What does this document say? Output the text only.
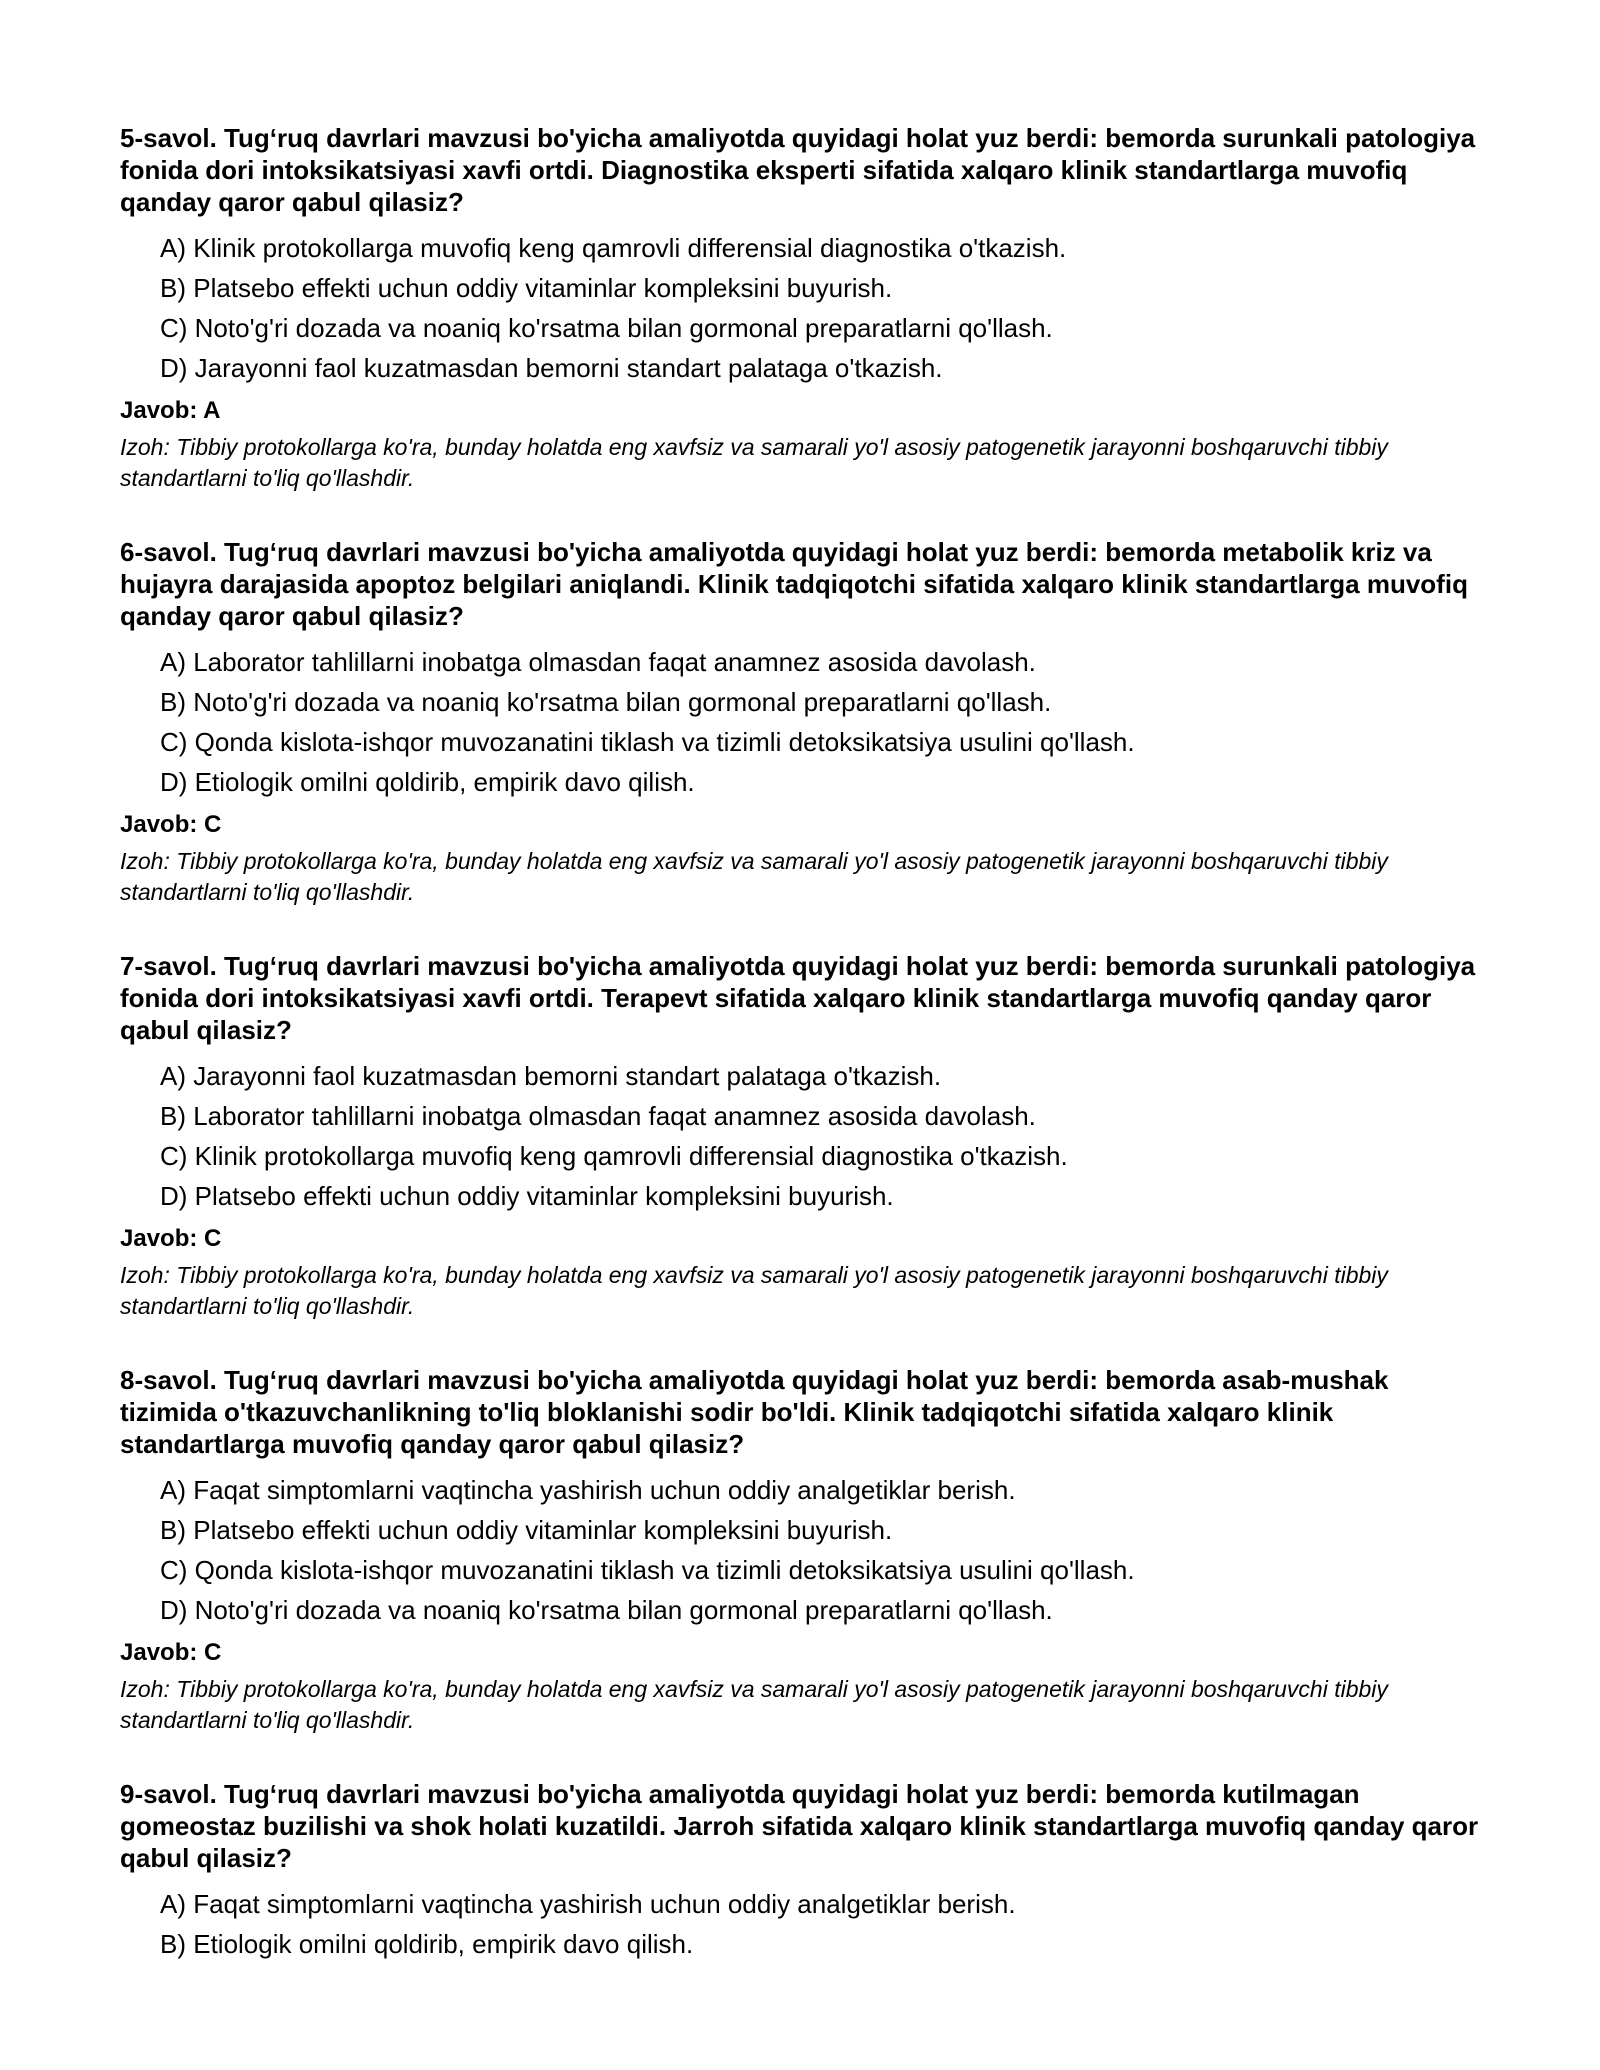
5-savol. Tug‘ruq davrlari mavzusi bo'yicha amaliyotda quyidagi holat yuz berdi: bemorda surunkali patologiya fonida dori intoksikatsiyasi xavfi ortdi. Diagnostika eksperti sifatida xalqaro klinik standartlarga muvofiq qanday qaror qabul qilasiz?
A) Klinik protokollarga muvofiq keng qamrovli differensial diagnostika o'tkazish.
B) Platsebo effekti uchun oddiy vitaminlar kompleksini buyurish.
C) Noto'g'ri dozada va noaniq ko'rsatma bilan gormonal preparatlarni qo'llash.
D) Jarayonni faol kuzatmasdan bemorni standart palataga o'tkazish.
Javob: A
Izoh: Tibbiy protokollarga ko'ra, bunday holatda eng xavfsiz va samarali yo'l asosiy patogenetik jarayonni boshqaruvchi tibbiy standartlarni to'liq qo'llashdir.
6-savol. Tug‘ruq davrlari mavzusi bo'yicha amaliyotda quyidagi holat yuz berdi: bemorda metabolik kriz va hujayra darajasida apoptoz belgilari aniqlandi. Klinik tadqiqotchi sifatida xalqaro klinik standartlarga muvofiq qanday qaror qabul qilasiz?
A) Laborator tahlillarni inobatga olmasdan faqat anamnez asosida davolash.
B) Noto'g'ri dozada va noaniq ko'rsatma bilan gormonal preparatlarni qo'llash.
C) Qonda kislota-ishqor muvozanatini tiklash va tizimli detoksikatsiya usulini qo'llash.
D) Etiologik omilni qoldirib, empirik davo qilish.
Javob: C
Izoh: Tibbiy protokollarga ko'ra, bunday holatda eng xavfsiz va samarali yo'l asosiy patogenetik jarayonni boshqaruvchi tibbiy standartlarni to'liq qo'llashdir.
7-savol. Tug‘ruq davrlari mavzusi bo'yicha amaliyotda quyidagi holat yuz berdi: bemorda surunkali patologiya fonida dori intoksikatsiyasi xavfi ortdi. Terapevt sifatida xalqaro klinik standartlarga muvofiq qanday qaror qabul qilasiz?
A) Jarayonni faol kuzatmasdan bemorni standart palataga o'tkazish.
B) Laborator tahlillarni inobatga olmasdan faqat anamnez asosida davolash.
C) Klinik protokollarga muvofiq keng qamrovli differensial diagnostika o'tkazish.
D) Platsebo effekti uchun oddiy vitaminlar kompleksini buyurish.
Javob: C
Izoh: Tibbiy protokollarga ko'ra, bunday holatda eng xavfsiz va samarali yo'l asosiy patogenetik jarayonni boshqaruvchi tibbiy standartlarni to'liq qo'llashdir.
8-savol. Tug‘ruq davrlari mavzusi bo'yicha amaliyotda quyidagi holat yuz berdi: bemorda asab-mushak tizimida o'tkazuvchanlikning to'liq bloklanishi sodir bo'ldi. Klinik tadqiqotchi sifatida xalqaro klinik standartlarga muvofiq qanday qaror qabul qilasiz?
A) Faqat simptomlarni vaqtincha yashirish uchun oddiy analgetiklar berish.
B) Platsebo effekti uchun oddiy vitaminlar kompleksini buyurish.
C) Qonda kislota-ishqor muvozanatini tiklash va tizimli detoksikatsiya usulini qo'llash.
D) Noto'g'ri dozada va noaniq ko'rsatma bilan gormonal preparatlarni qo'llash.
Javob: C
Izoh: Tibbiy protokollarga ko'ra, bunday holatda eng xavfsiz va samarali yo'l asosiy patogenetik jarayonni boshqaruvchi tibbiy standartlarni to'liq qo'llashdir.
9-savol. Tug‘ruq davrlari mavzusi bo'yicha amaliyotda quyidagi holat yuz berdi: bemorda kutilmagan gomeostaz buzilishi va shok holati kuzatildi. Jarroh sifatida xalqaro klinik standartlarga muvofiq qanday qaror qabul qilasiz?
A) Faqat simptomlarni vaqtincha yashirish uchun oddiy analgetiklar berish.
B) Etiologik omilni qoldirib, empirik davo qilish.
